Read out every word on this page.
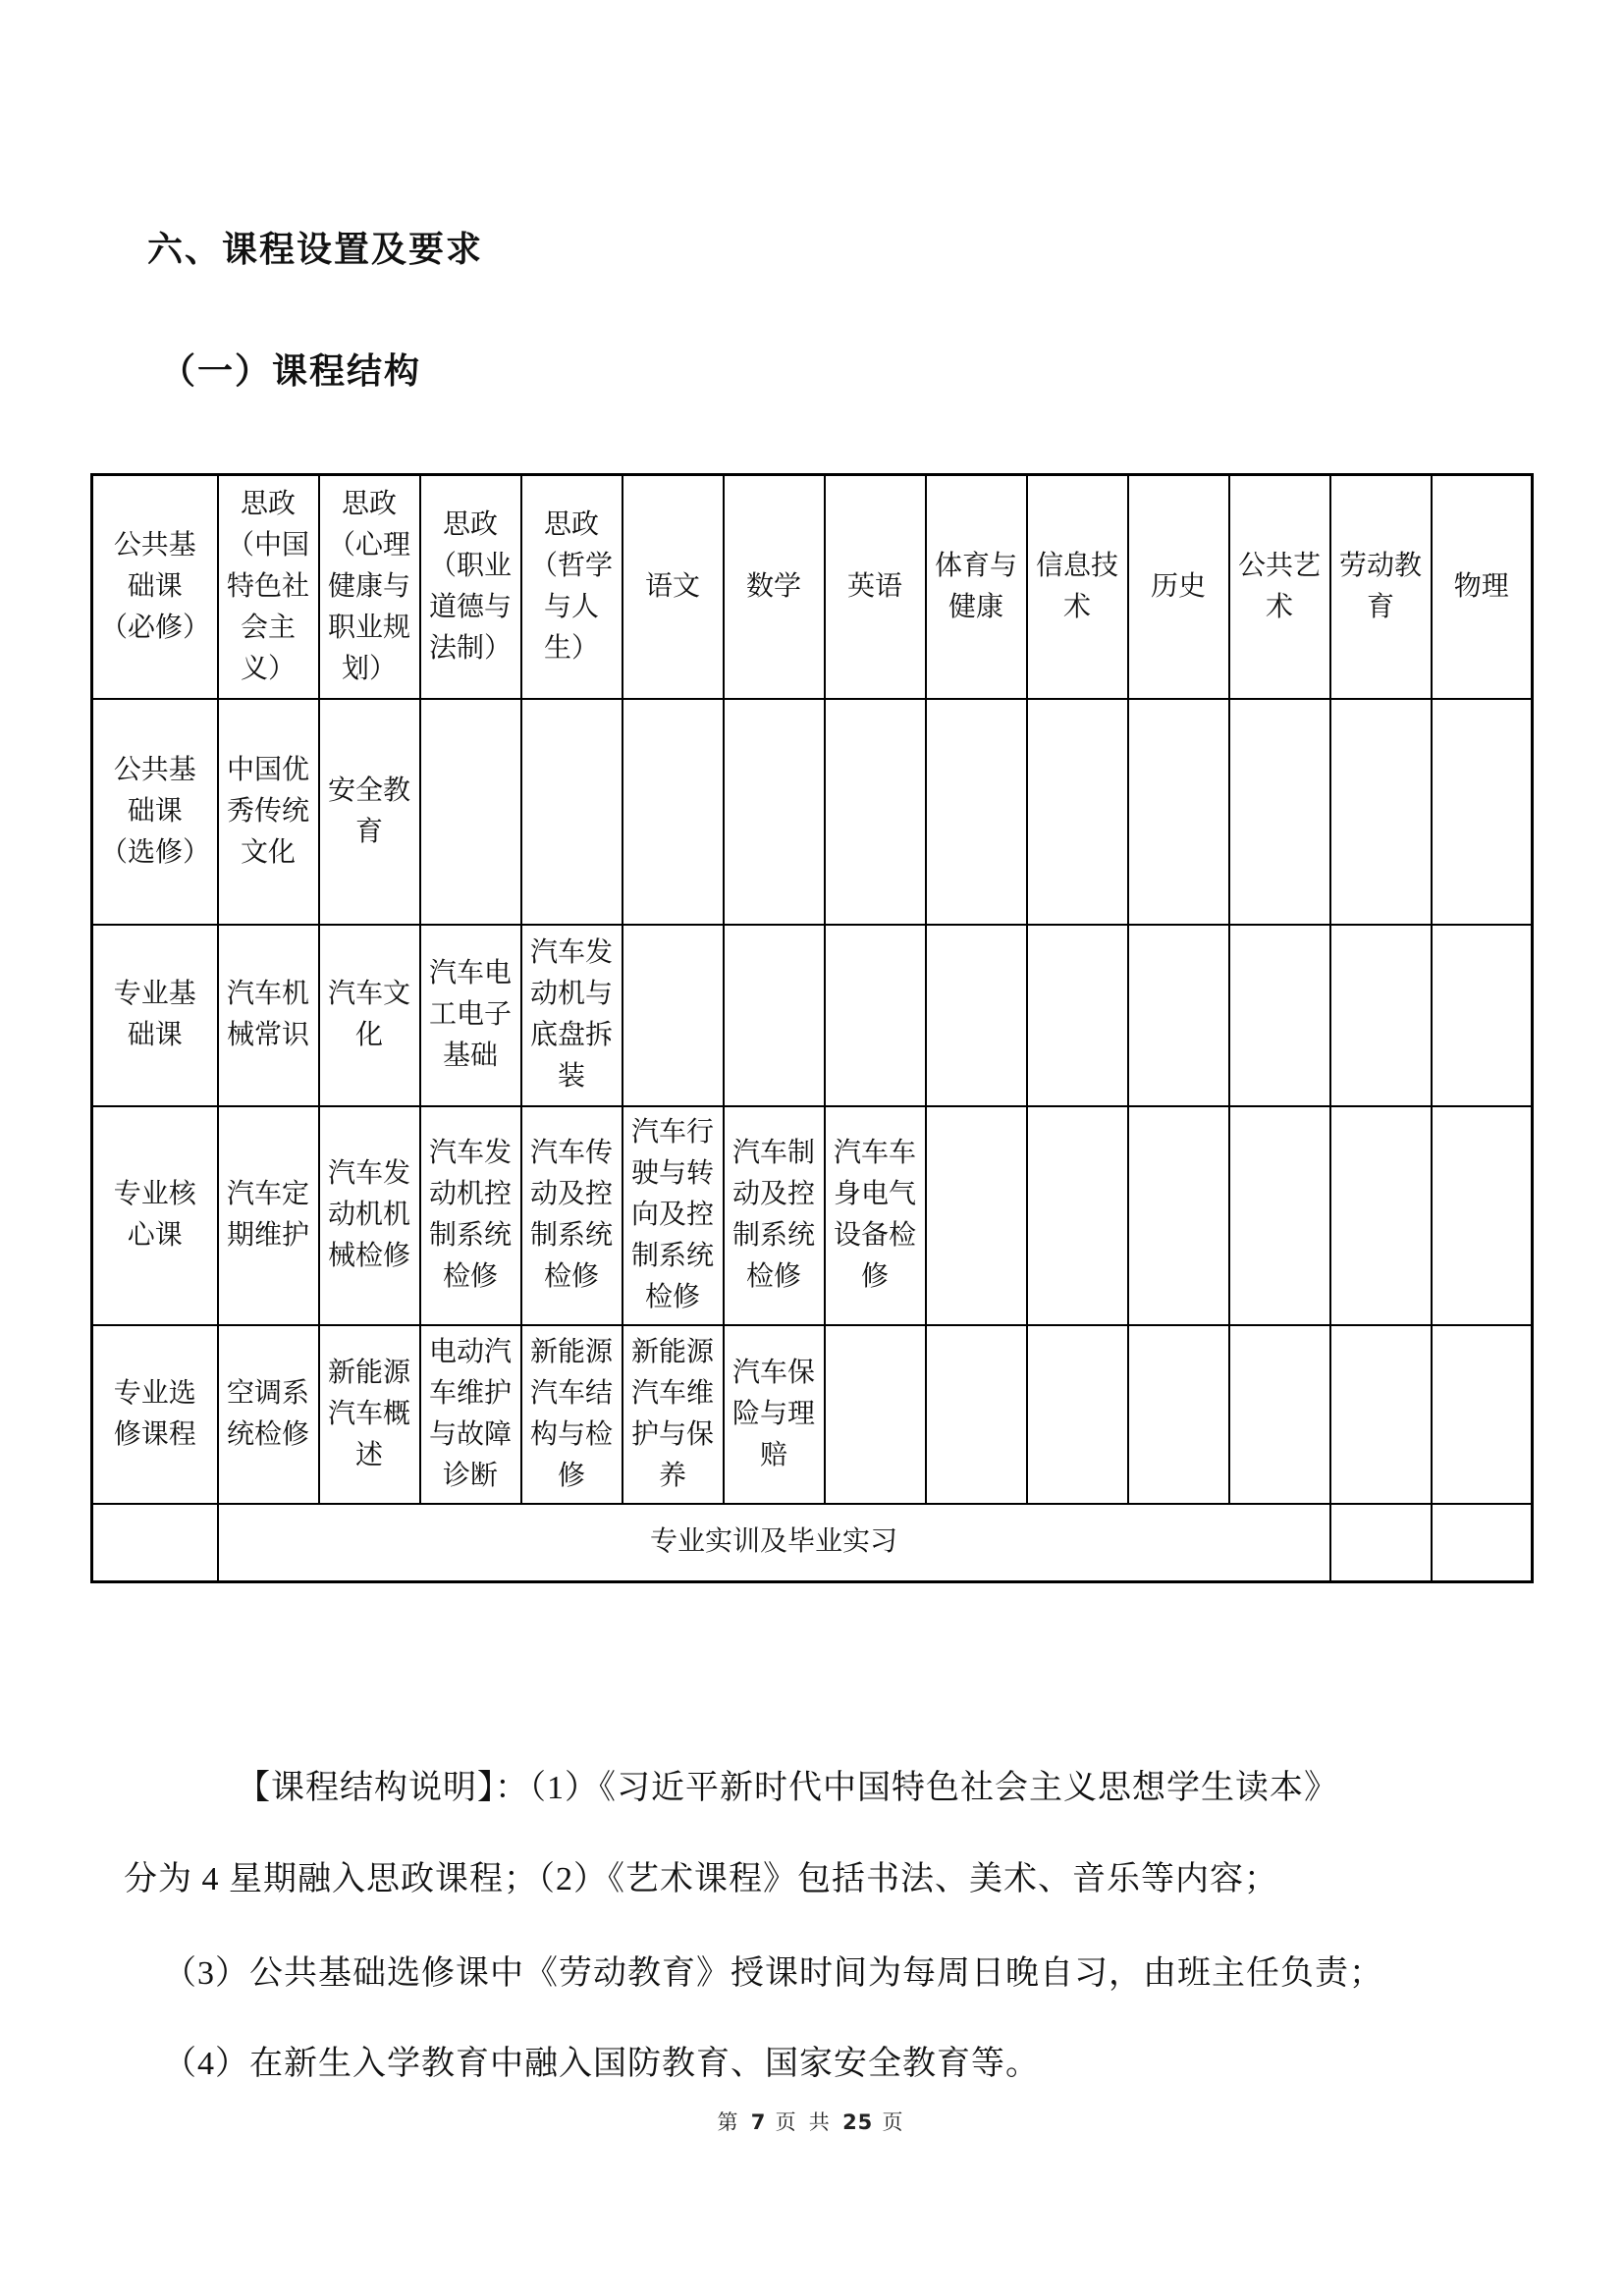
六、课程设置及要求
（一）课程结构
公共基础课（必修）	思政（中国特色社会主义）	思政（心理健康与职业规划）	思政（职业道德与法制）	思政（哲学与人生）	语文	数学	英语	体育与健康	信息技术	历史	公共艺术	劳动教育	物理
公共基础课（选修）	中国优秀传统文化	安全教育											
专业基础课	汽车机械常识	汽车文化	汽车电工电子基础	汽车发动机与底盘拆装									
专业核心课	汽车定期维护	汽车发动机机械检修	汽车发动机控制系统检修	汽车传动及控制系统检修	汽车行驶与转向及控制系统检修	汽车制动及控制系统检修	汽车车身电气设备检修						
专业选修课程	空调系统检修	新能源汽车概述	电动汽车维护与故障诊断	新能源汽车结构与检修	新能源汽车维护与保养	汽车保险与理赔							
	专业实训及毕业实习												
【课程结构说明】：（1）《习近平新时代中国特色社会主义思想学生读本》
分为 4 星期融入思政课程；（2）《艺术课程》包括书法、美术、音乐等内容；
（3）公共基础选修课中《劳动教育》授课时间为每周日晚自习，由班主任负责；
（4）在新生入学教育中融入国防教育、国家安全教育等。
第 7 页 共 25 页
